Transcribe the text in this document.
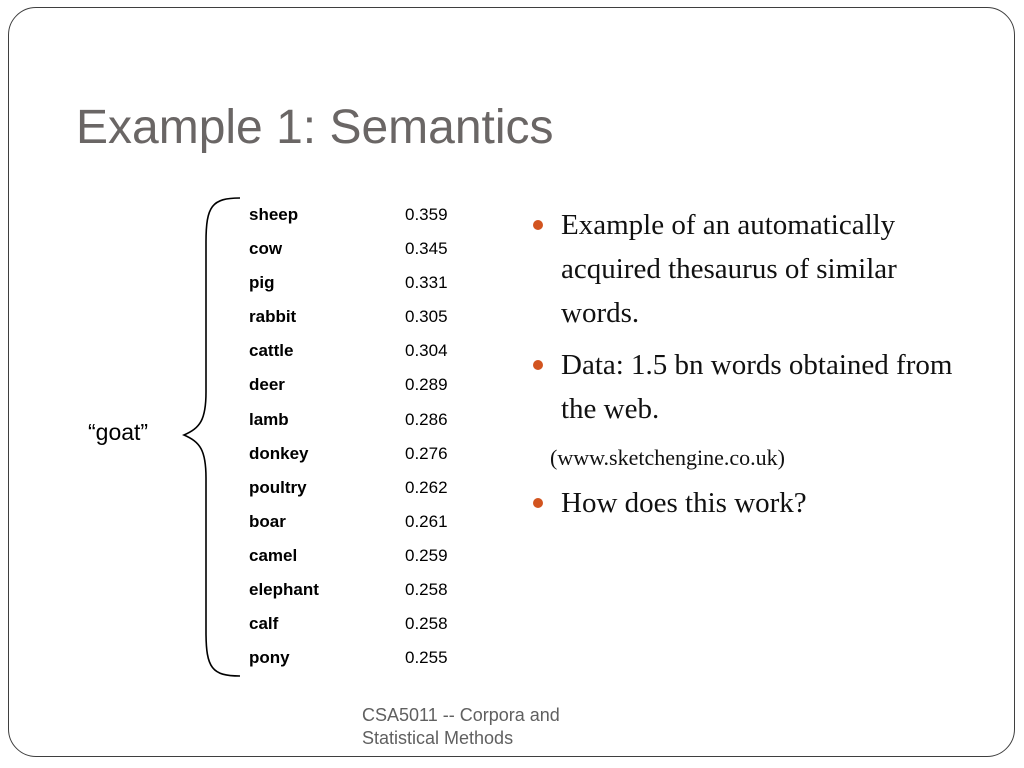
Example 1: Semantics
“goat”
sheep	0.359
cow	0.345
pig	0.331
rabbit	0.305
cattle	0.304
deer	0.289
lamb	0.286
donkey	0.276
poultry	0.262
boar	0.261
camel	0.259
elephant	0.258
calf	0.258
pony	0.255
Example of an automatically acquired thesaurus of similar words.
Data: 1.5 bn words obtained from the web.
(www.sketchengine.co.uk)
How does this work?
CSA5011 -- Corpora and
Statistical Methods
